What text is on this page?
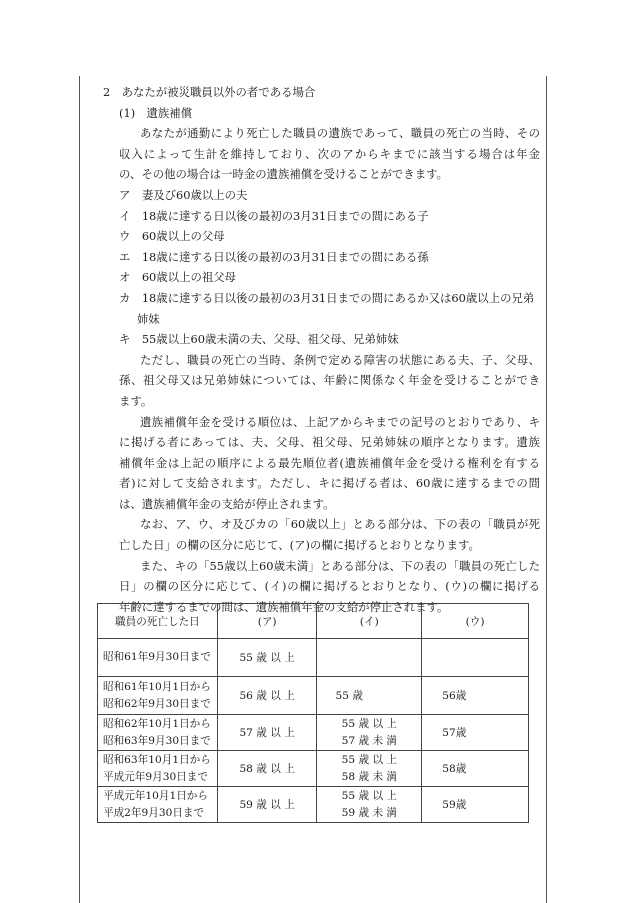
2　あなたが被災職員以外の者である場合
(1)　遺族補償
あなたが通勤により死亡した職員の遺族であって、職員の死亡の当時、その
収入によって生計を維持しており、次のアからキまでに該当する場合は年金
の、その他の場合は一時金の遺族補償を受けることができます。
ア　 妻及び60歳以上の夫
イ　 18歳に達する日以後の最初の3月31日までの間にある子
ウ　 60歳以上の父母
エ　 18歳に達する日以後の最初の3月31日までの間にある孫
オ　 60歳以上の祖父母
カ　 18歳に達する日以後の最初の3月31日までの間にあるか又は60歳以上の兄弟
姉妹
キ　 55歳以上60歳未満の夫、父母、祖父母、兄弟姉妹
ただし、職員の死亡の当時、条例で定める障害の状態にある夫、子、父母、
孫、祖父母又は兄弟姉妹については、年齢に関係なく年金を受けることができ
ます。
遺族補償年金を受ける順位は、上記アからキまでの記号のとおりであり、キ
に掲げる者にあっては、夫、父母、祖父母、兄弟姉妹の順序となります。遺族
補償年金は上記の順序による最先順位者(遺族補償年金を受ける権利を有する
者)に対して支給されます。ただし、キに掲げる者は、60歳に達するまでの間
は、遺族補償年金の支給が停止されます。
なお、ア、ウ、オ及びカの「60歳以上」とある部分は、下の表の「職員が死
亡した日」の欄の区分に応じて、(ア)の欄に掲げるとおりとなります。
また、キの「55歳以上60歳未満」とある部分は、下の表の「職員の死亡した
日」の欄の区分に応じて、(イ)の欄に掲げるとおりとなり、(ウ)の欄に掲げる
年齢に達するまでの間は、遺族補償年金の支給が停止されます。
職員の死亡した日	(ア)	(イ)	(ウ)

昭和61年9月30日まで	55 歳 以 上		

昭和61年10月1日から
昭和62年9月30日まで	56 歳 以 上	55 歳	56歳

昭和62年10月1日から
昭和63年9月30日まで	57 歳 以 上	55 歳 以 上
57 歳 未 満	57歳

昭和63年10月1日から
平成元年9月30日まで	58 歳 以 上	55 歳 以 上
58 歳 未 満	58歳

平成元年10月1日から
平成2年9月30日まで	59 歳 以 上	55 歳 以 上
59 歳 未 満	59歳
